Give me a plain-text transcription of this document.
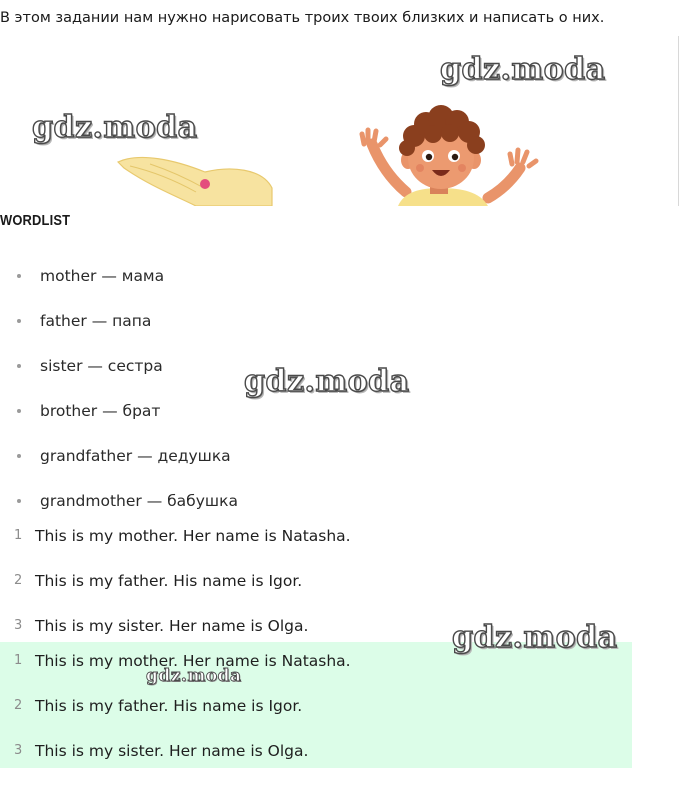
В этом задании нам нужно нарисовать троих твоих близких и написать о них.
gdz.moda
gdz.moda
WORDLIST
mother — мама
father — папа
sister — сестра
brother — брат
grandfather — дедушка
grandmother — бабушка
1 This is my mother. Her name is Natasha.
2 This is my father. His name is Igor.
3 This is my sister. Her name is Olga.
1 This is my mother. Her name is Natasha.
2 This is my father. His name is Igor.
3 This is my sister. Her name is Olga.
gdz.moda
gdz.moda
gdz.moda
